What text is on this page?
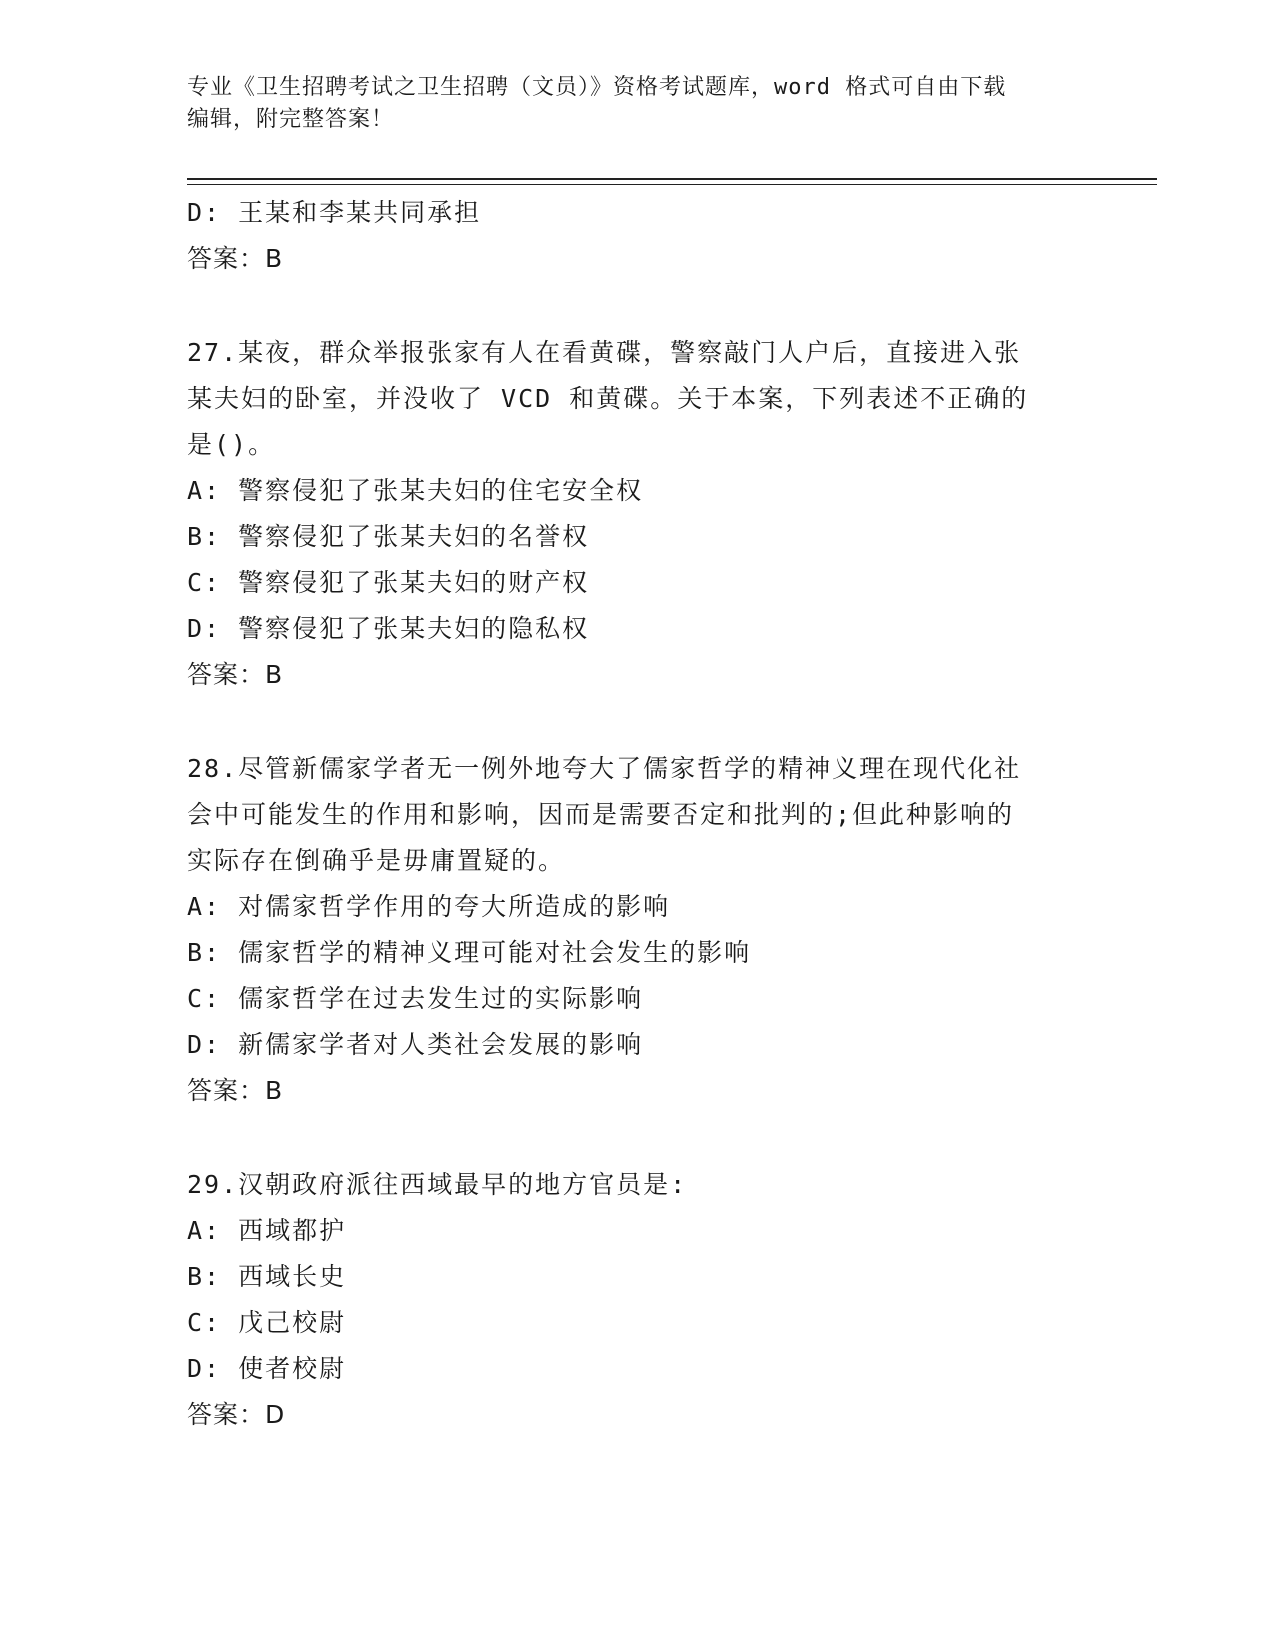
专业《卫生招聘考试之卫生招聘（文员）》资格考试题库，word 格式可自由下载
编辑，附完整答案！
D: 王某和李某共同承担
答案：B
27.某夜，群众举报张家有人在看黄碟，警察敲门人户后，直接进入张
某夫妇的卧室，并没收了 VCD 和黄碟。关于本案，下列表述不正确的
是()。
A: 警察侵犯了张某夫妇的住宅安全权
B: 警察侵犯了张某夫妇的名誉权
C: 警察侵犯了张某夫妇的财产权
D: 警察侵犯了张某夫妇的隐私权
答案：B
28.尽管新儒家学者无一例外地夸大了儒家哲学的精神义理在现代化社
会中可能发生的作用和影响，因而是需要否定和批判的;但此种影响的
实际存在倒确乎是毋庸置疑的。
A: 对儒家哲学作用的夸大所造成的影响
B: 儒家哲学的精神义理可能对社会发生的影响
C: 儒家哲学在过去发生过的实际影响
D: 新儒家学者对人类社会发展的影响
答案：B
29.汉朝政府派往西域最早的地方官员是:
A: 西域都护
B: 西域长史
C: 戊己校尉
D: 使者校尉
答案：D
